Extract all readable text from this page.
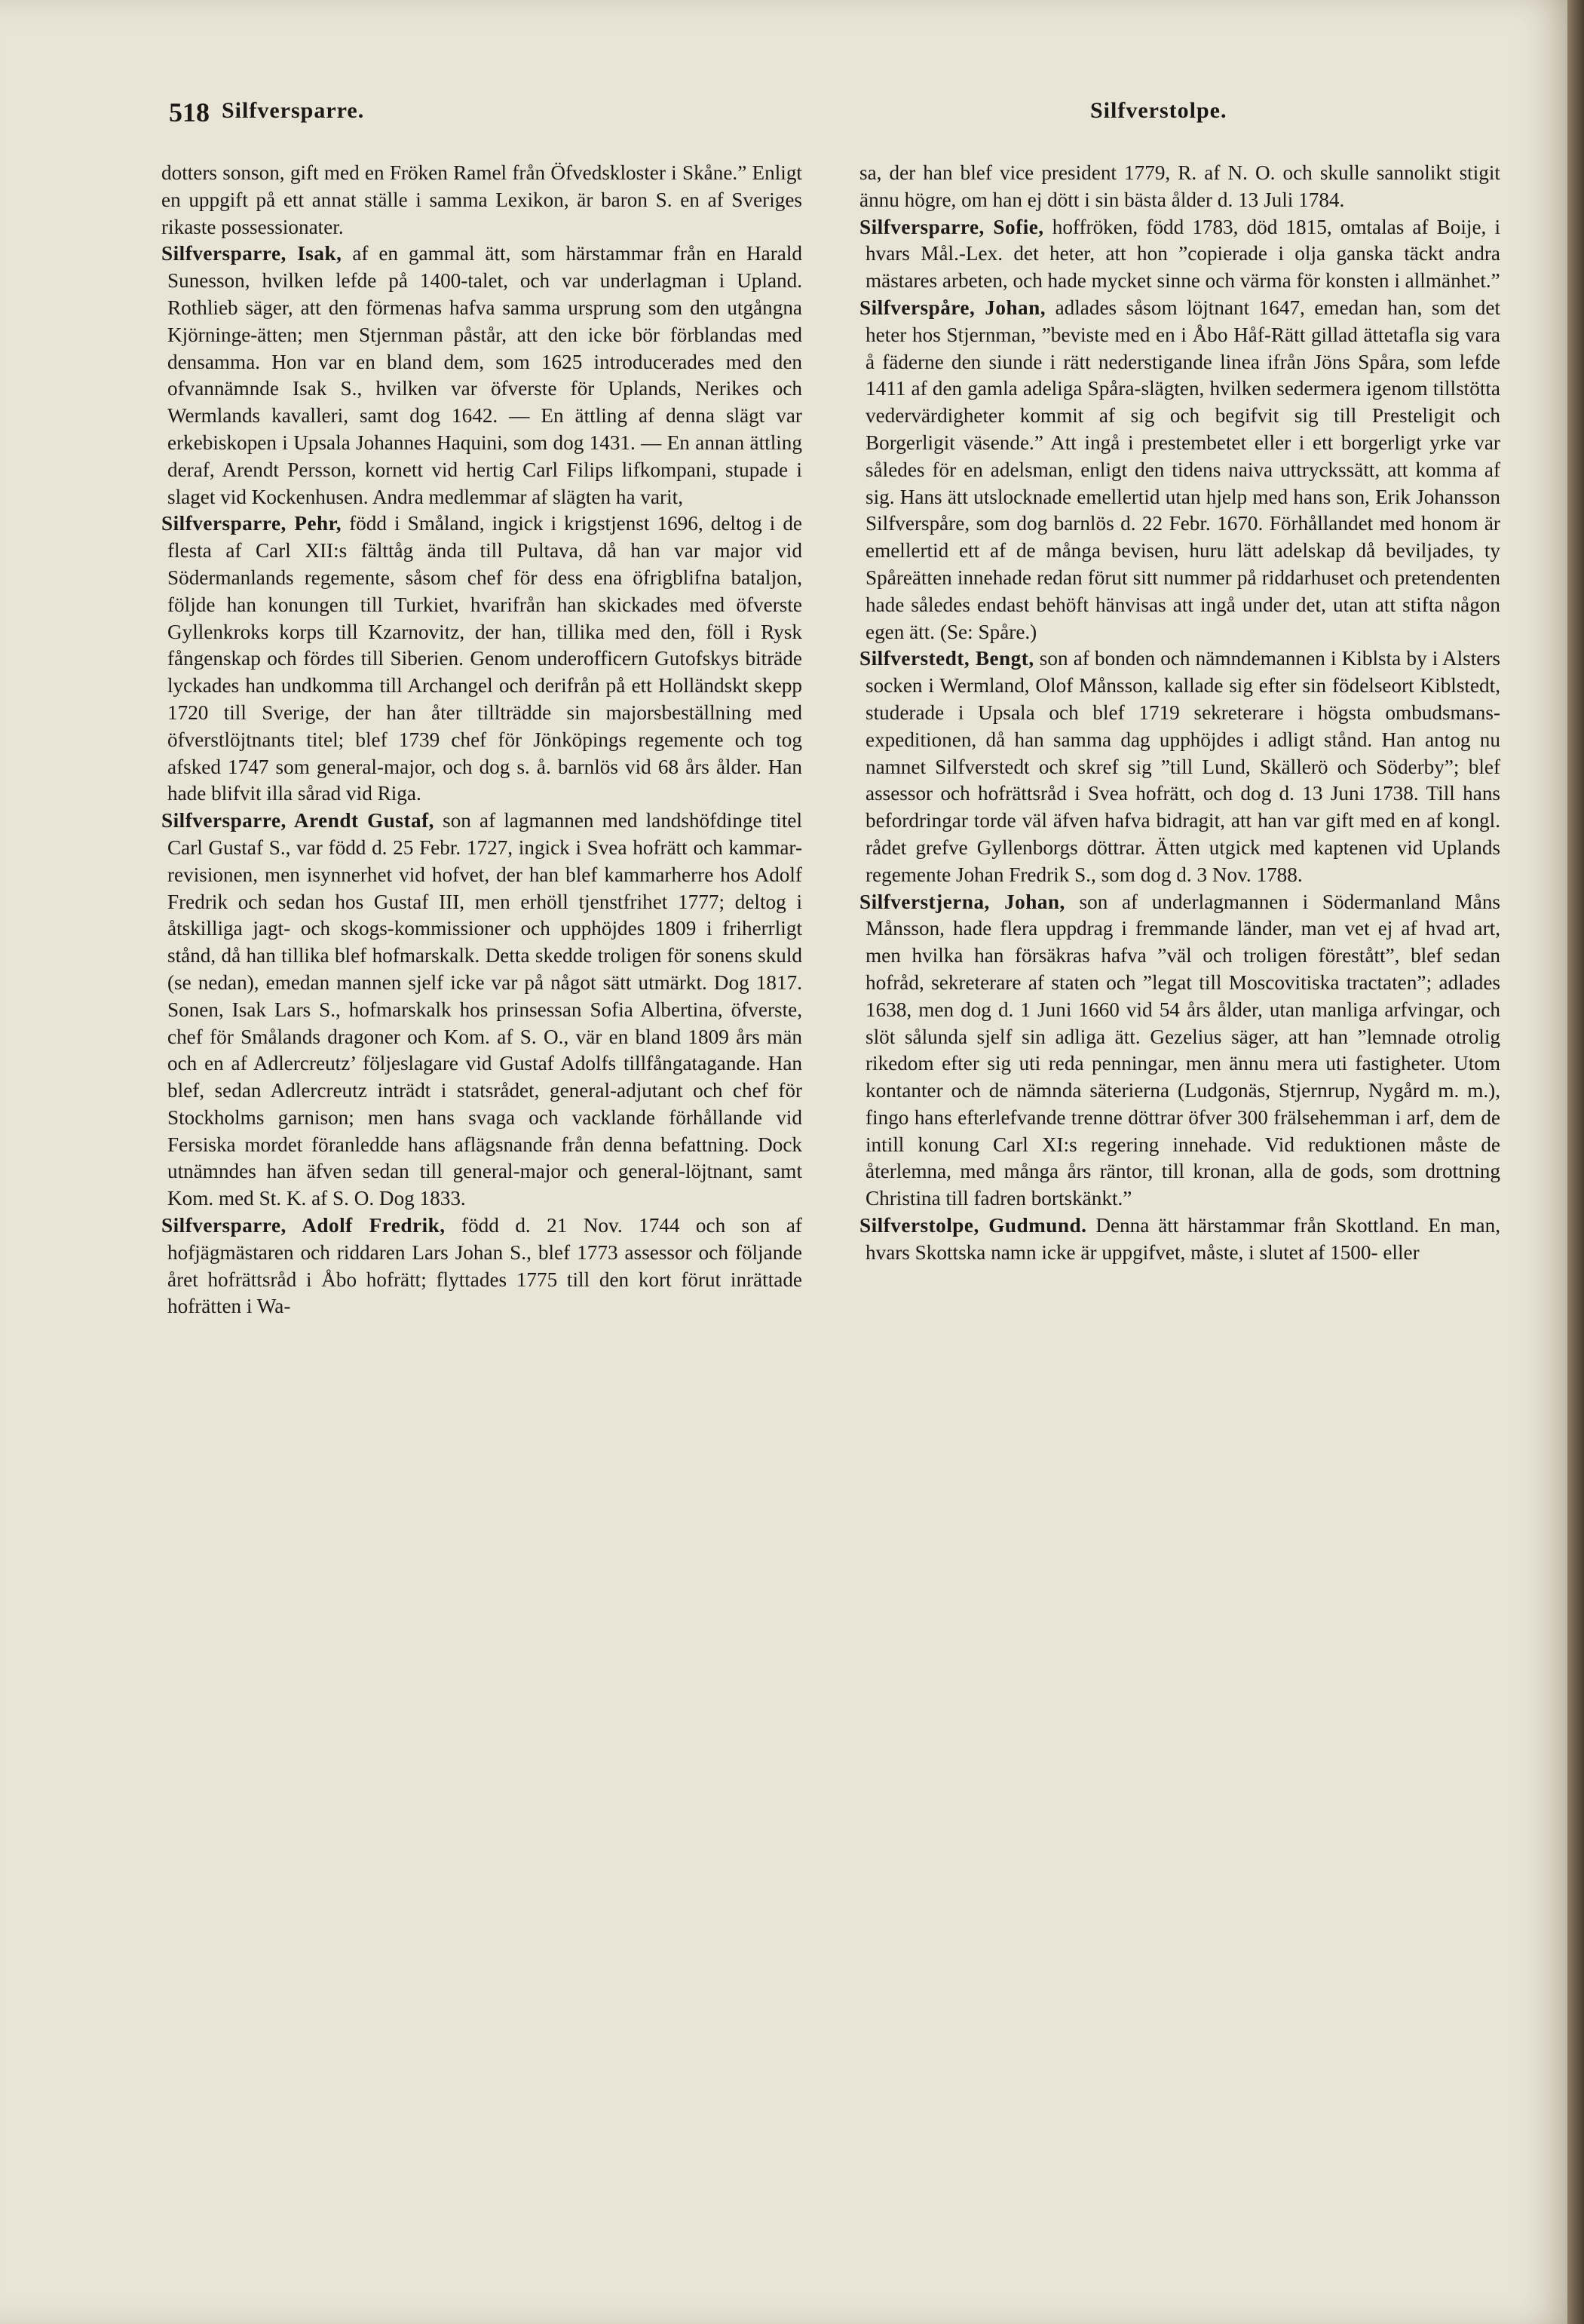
518 Silfversparre.	Silfverstolpe.

dotters sonson, gift med en Fröken Ramel från Öfvedskloster i Skåne.” Enligt en uppgift på ett annat ställe i samma Lexikon, är baron S. en af Sveriges rikaste possessionater.

Silfversparre, Isak, af en gammal ätt, som härstammar från en Harald Sunesson, hvilken lefde på 1400-talet, och var underlagman i Upland. Rothlieb säger, att den förmenas hafva samma ursprung som den utgångna Kjörninge-ätten; men Stjernman påstår, att den icke bör förblandas med densamma. Hon var en bland dem, som 1625 introducerades med den ofvannämnde Isak S., hvilken var öfverste för Uplands, Nerikes och Wermlands kavalleri, samt dog 1642. — En ättling af denna slägt var erkebiskopen i Upsala Johannes Haquini, som dog 1431. — En annan ättling deraf, Arendt Persson, kornett vid hertig Carl Filips lifkompani, stupade i slaget vid Kockenhusen. Andra medlemmar af slägten ha varit,

Silfversparre, Pehr, född i Småland, ingick i krigstjenst 1696, deltog i de flesta af Carl XII:s fälttåg ända till Pultava, då han var major vid Södermanlands regemente, såsom chef för dess ena öfrigblifna bataljon, följde han konungen till Turkiet, hvarifrån han skickades med öfverste Gyllenkroks korps till Kzarnovitz, der han, tillika med den, föll i Rysk fångenskap och fördes till Siberien. Genom underofficern Gutofskys biträde lyckades han undkomma till Archangel och derifrån på ett Holländskt skepp 1720 till Sverige, der han åter tillträdde sin majorsbeställning med öfverstlöjtnants titel; blef 1739 chef för Jönköpings regemente och tog afsked 1747 som general-major, och dog s. å. barnlös vid 68 års ålder. Han hade blifvit illa sårad vid Riga.

Silfversparre, Arendt Gustaf, son af lagmannen med landshöfdinge titel Carl Gustaf S., var född d. 25 Febr. 1727, ingick i Svea hofrätt och kammar-revisionen, men isynnerhet vid hofvet, der han blef kammarherre hos Adolf Fredrik och sedan hos Gustaf III, men erhöll tjenstfrihet 1777; deltog i åtskilliga jagt- och skogs-kommissioner och upphöjdes 1809 i friherrligt stånd, då han tillika blef hofmarskalk. Detta skedde troligen för sonens skuld (se nedan), emedan mannen sjelf icke var på något sätt utmärkt. Dog 1817. Sonen, Isak Lars S., hofmarskalk hos prinsessan Sofia Albertina, öfverste, chef för Smålands dragoner och Kom. af S. O., vär en bland 1809 års män och en af Adlercreutz’ följeslagare vid Gustaf Adolfs tillfångatagande. Han blef, sedan Adlercreutz inträdt i statsrådet, general-adjutant och chef för Stockholms garnison; men hans svaga och vacklande förhållande vid Fersiska mordet föranledde hans aflägsnande från denna befattning. Dock utnämndes han äfven sedan till general-major och general-löjtnant, samt Kom. med St. K. af S. O. Dog 1833.

Silfversparre, Adolf Fredrik, född d. 21 Nov. 1744 och son af hofjägmästaren och riddaren Lars Johan S., blef 1773 assessor och följande året hofrättsråd i Åbo hofrätt; flyttades 1775 till den kort förut inrättade hofrätten i Wa-

sa, der han blef vice president 1779, R. af N. O. och skulle sannolikt stigit ännu högre, om han ej dött i sin bästa ålder d. 13 Juli 1784.

Silfversparre, Sofie, hoffröken, född 1783, död 1815, omtalas af Boije, i hvars Mål.-Lex. det heter, att hon ”copierade i olja ganska täckt andra mästares arbeten, och hade mycket sinne och värma för konsten i allmänhet.”

Silfverspåre, Johan, adlades såsom löjtnant 1647, emedan han, som det heter hos Stjernman, ”beviste med en i Åbo Håf-Rätt gillad ättetafla sig vara å fäderne den siunde i rätt nederstigande linea ifrån Jöns Spåra, som lefde 1411 af den gamla adeliga Spåra-slägten, hvilken sedermera igenom tillstötta vedervärdigheter kommit af sig och begifvit sig till Presteligit och Borgerligit väsende.” Att ingå i prestembetet eller i ett borgerligt yrke var således för en adelsman, enligt den tidens naiva uttryckssätt, att komma af sig. Hans ätt utslocknade emellertid utan hjelp med hans son, Erik Johansson Silfverspåre, som dog barnlös d. 22 Febr. 1670. Förhållandet med honom är emellertid ett af de många bevisen, huru lätt adelskap då beviljades, ty Spåreätten innehade redan förut sitt nummer på riddarhuset och pretendenten hade således endast behöft hänvisas att ingå under det, utan att stifta någon egen ätt. (Se: Spåre.)

Silfverstedt, Bengt, son af bonden och nämndemannen i Kiblsta by i Alsters socken i Wermland, Olof Månsson, kallade sig efter sin födelseort Kiblstedt, studerade i Upsala och blef 1719 sekreterare i högsta ombudsmans-expeditionen, då han samma dag upphöjdes i adligt stånd. Han antog nu namnet Silfverstedt och skref sig ”till Lund, Skällerö och Söderby”; blef assessor och hofrättsråd i Svea hofrätt, och dog d. 13 Juni 1738. Till hans befordringar torde väl äfven hafva bidragit, att han var gift med en af kongl. rådet grefve Gyllenborgs döttrar. Ätten utgick med kaptenen vid Uplands regemente Johan Fredrik S., som dog d. 3 Nov. 1788.

Silfverstjerna, Johan, son af underlagmannen i Södermanland Måns Månsson, hade flera uppdrag i fremmande länder, man vet ej af hvad art, men hvilka han försäkras hafva ”väl och troligen förestått”, blef sedan hofråd, sekreterare af staten och ”legat till Moscovitiska tractaten”; adlades 1638, men dog d. 1 Juni 1660 vid 54 års ålder, utan manliga arfvingar, och slöt sålunda sjelf sin adliga ätt. Gezelius säger, att han ”lemnade otrolig rikedom efter sig uti reda penningar, men ännu mera uti fastigheter. Utom kontanter och de nämnda säterierna (Ludgonäs, Stjernrup, Nygård m. m.), fingo hans efterlefvande trenne döttrar öfver 300 frälsehemman i arf, dem de intill konung Carl XI:s regering innehade. Vid reduktionen måste de återlemna, med många års räntor, till kronan, alla de gods, som drottning Christina till fadren bortskänkt.”

Silfverstolpe, Gudmund. Denna ätt härstammar från Skottland. En man, hvars Skottska namn icke är uppgifvet, måste, i slutet af 1500- eller
